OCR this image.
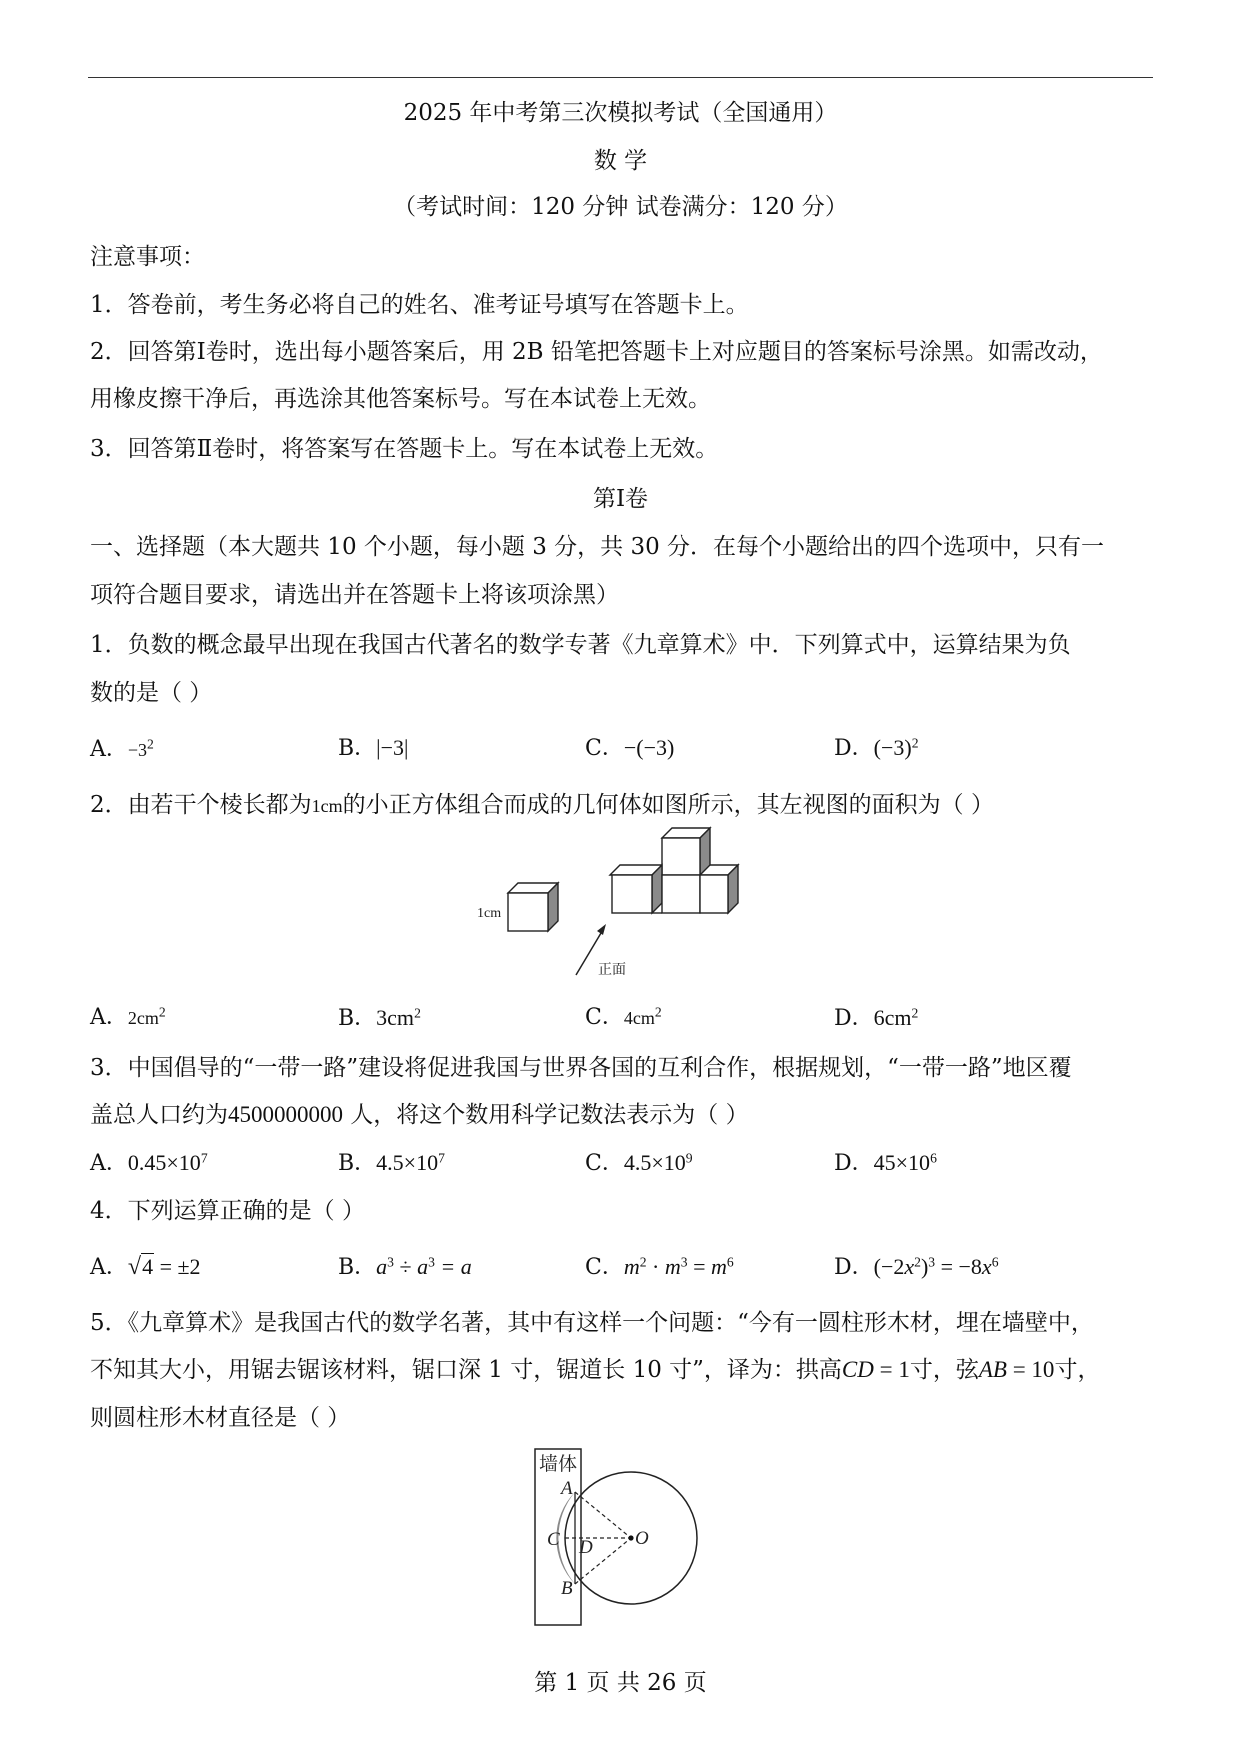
2025 年中考第三次模拟考试（全国通用）
数 学
（考试时间：120 分钟 试卷满分：120 分）
注意事项：
1．答卷前，考生务必将自己的姓名、准考证号填写在答题卡上。
2．回答第Ⅰ卷时，选出每小题答案后，用 2B 铅笔把答题卡上对应题目的答案标号涂黑。如需改动，
用橡皮擦干净后，再选涂其他答案标号。写在本试卷上无效。
3．回答第Ⅱ卷时，将答案写在答题卡上。写在本试卷上无效。
第Ⅰ卷
一、选择题（本大题共 10 个小题，每小题 3 分，共 30 分．在每个小题给出的四个选项中，只有一
项符合题目要求，请选出并在答题卡上将该项涂黑）
1．负数的概念最早出现在我国古代著名的数学专著《九章算术》中．下列算式中，运算结果为负
数的是（ ）
A．$-3^2$	B．|−3|	C．−(−3)	D．$(-3)^2$
2．由若干个棱长都为1cm的小正方体组合而成的几何体如图所示，其左视图的面积为（ ）
1cm
正面
A．$2cm^2$	B．$3cm^2$	C．$4cm^2$	D．$6cm^2$
3．中国倡导的“一带一路”建设将促进我国与世界各国的互利合作，根据规划，“一带一路”地区覆
盖总人口约为4500000000 人，将这个数用科学记数法表示为（ ）
A．$0.45\times 10^7$	B．$4.5\times 10^7$	C．$4.5\times 10^9$	D．$45\times 10^6$
4．下列运算正确的是（ ）
A．√4 = ±2	B．$a^3 \div a^3 = a$	C．$m^2 \cdot m^3 = m^6$	D．$(-2x^2)^3 = -8x^6$
5．《九章算术》是我国古代的数学名著，其中有这样一个问题：“今有一圆柱形木材，埋在墙壁中，
不知其大小，用锯去锯该材料，锯口深 1 寸，锯道长 10 寸”，译为：拱高CD = 1寸，弦AB = 10寸，
则圆柱形木材直径是（ ）
墙体
A
B
C D O
第 1 页 共 26 页
